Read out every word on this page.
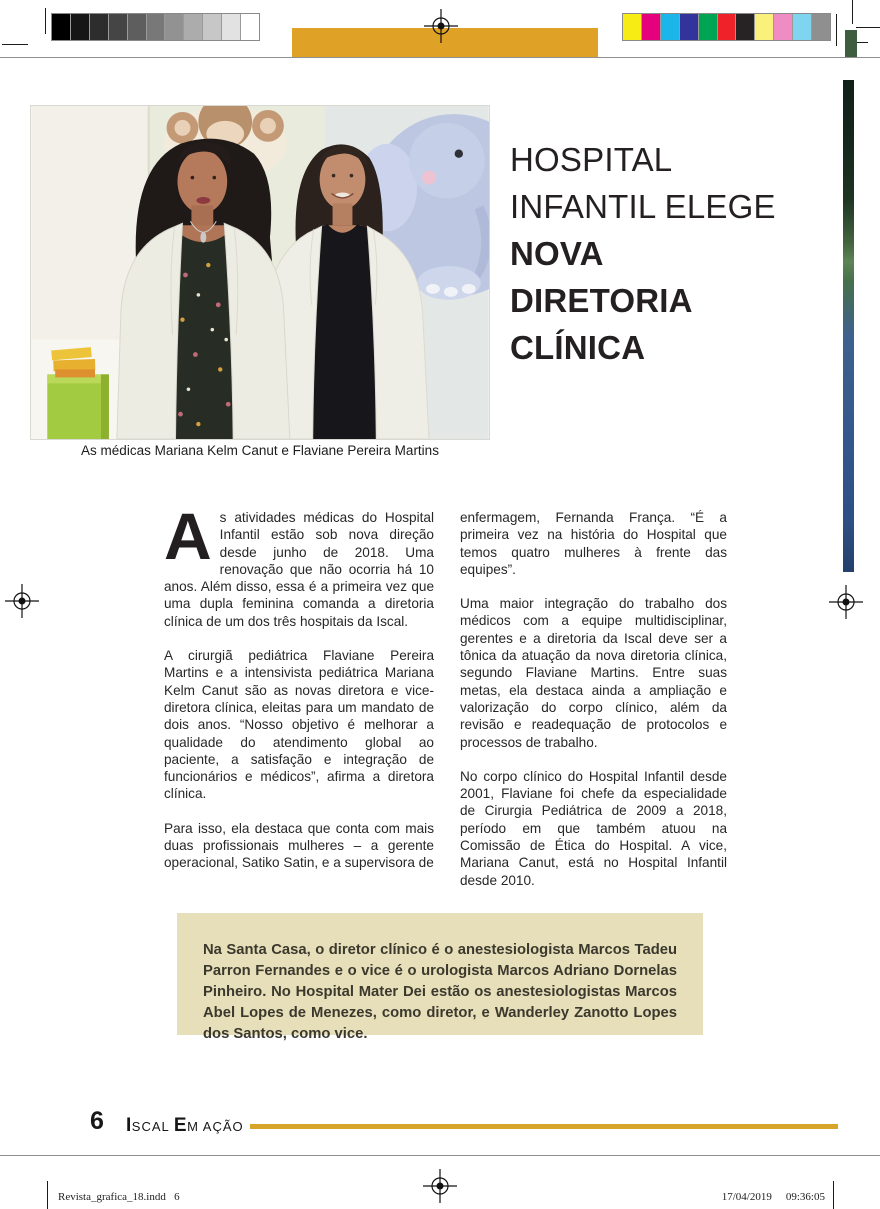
As médicas Mariana Kelm Canut e Flaviane Pereira Martins
HOSPITAL
INFANTIL ELEGE
NOVA
DIRETORIA
CLÍNICA

As atividades médicas do Hospital Infantil estão sob nova direção desde junho de 2018. Uma renovação que não ocorria há 10 anos. Além disso, essa é a primeira vez que uma dupla feminina comanda a diretoria clínica de um dos três hospitais da Iscal.

A cirurgiã pediátrica Flaviane Pereira Martins e a intensivista pediátrica Mariana Kelm Canut são as novas diretora e vice-diretora clínica, eleitas para um mandato de dois anos. “Nosso objetivo é melhorar a qualidade do atendimento global ao paciente, a satisfação e integração de funcionários e médicos”, afirma a diretora clínica.

Para isso, ela destaca que conta com mais duas profissionais mulheres – a gerente operacional, Satiko Satin, e a supervisora de

enfermagem, Fernanda França. “É a primeira vez na história do Hospital que temos quatro mulheres à frente das equipes”.

Uma maior integração do trabalho dos médicos com a equipe multidisciplinar, gerentes e a diretoria da Iscal deve ser a tônica da atuação da nova diretoria clínica, segundo Flaviane Martins. Entre suas metas, ela destaca ainda a ampliação e valorização do corpo clínico, além da revisão e readequação de protocolos e processos de trabalho.

No corpo clínico do Hospital Infantil desde 2001, Flaviane foi chefe da especialidade de Cirurgia Pediátrica de 2009 a 2018, período em que também atuou na Comissão de Ética do Hospital. A vice, Mariana Canut, está no Hospital Infantil desde 2010.

Na Santa Casa, o diretor clínico é o anestesiologista Marcos Tadeu Parron Fernandes e o vice é o urologista Marcos Adriano Dornelas Pinheiro. No Hospital Mater Dei estão os anestesiologistas Marcos Abel Lopes de Menezes, como diretor, e Wanderley Zanotto Lopes dos Santos, como vice.

6 ISCAL EM AÇÃO
Revista_grafica_18.indd   6	17/04/2019 09:36:05
